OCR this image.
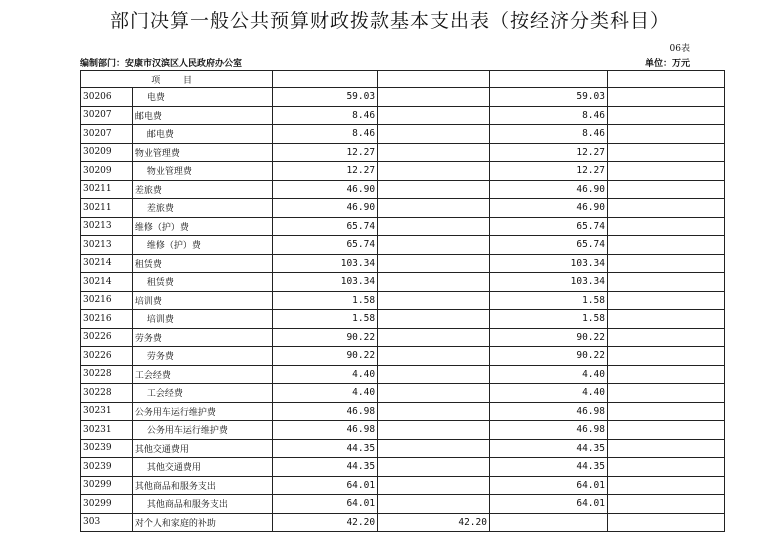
部门决算一般公共预算财政拨款基本支出表（按经济分类科目）
06表
编制部门：安康市汉滨区人民政府办公室	单位：万元
项 目					
30206	电费	59.03		59.03	
30207	邮电费	8.46		8.46	
30207	邮电费	8.46		8.46	
30209	物业管理费	12.27		12.27	
30209	物业管理费	12.27		12.27	
30211	差旅费	46.90		46.90	
30211	差旅费	46.90		46.90	
30213	维修（护）费	65.74		65.74	
30213	维修（护）费	65.74		65.74	
30214	租赁费	103.34		103.34	
30214	租赁费	103.34		103.34	
30216	培训费	1.58		1.58	
30216	培训费	1.58		1.58	
30226	劳务费	90.22		90.22	
30226	劳务费	90.22		90.22	
30228	工会经费	4.40		4.40	
30228	工会经费	4.40		4.40	
30231	公务用车运行维护费	46.98		46.98	
30231	公务用车运行维护费	46.98		46.98	
30239	其他交通费用	44.35		44.35	
30239	其他交通费用	44.35		44.35	
30299	其他商品和服务支出	64.01		64.01	
30299	其他商品和服务支出	64.01		64.01	
303	对个人和家庭的补助	42.20	42.20		
